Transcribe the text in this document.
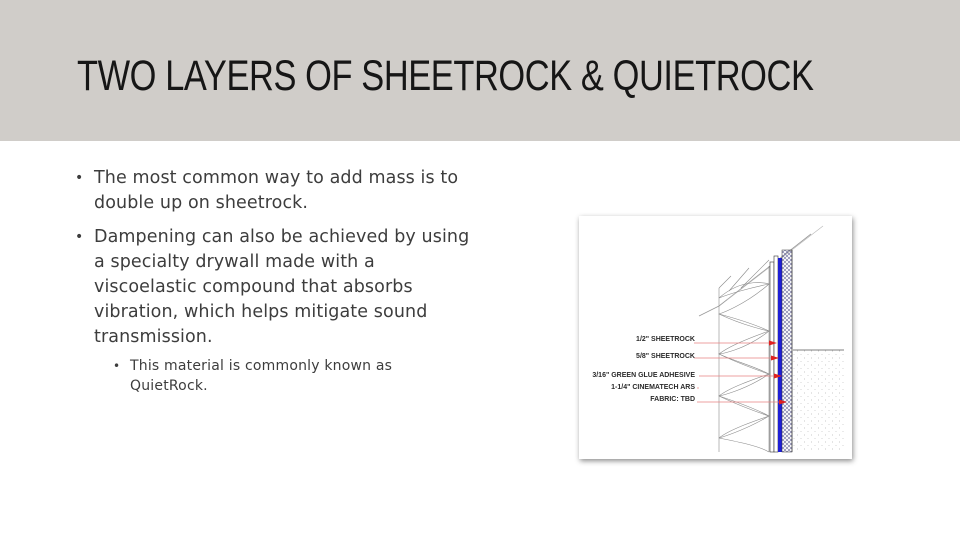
TWO LAYERS OF SHEETROCK & QUIETROCK

• The most common way to add mass is to double up on sheetrock.

• Dampening can also be achieved by using a specialty drywall made with a viscoelastic compound that absorbs vibration, which helps mitigate sound transmission.

• This material is commonly known as QuietRock.

1/2" SHEETROCK
5/8" SHEETROCK
3/16" GREEN GLUE ADHESIVE
1-1/4" CINEMATECH ARS
FABRIC: TBD
